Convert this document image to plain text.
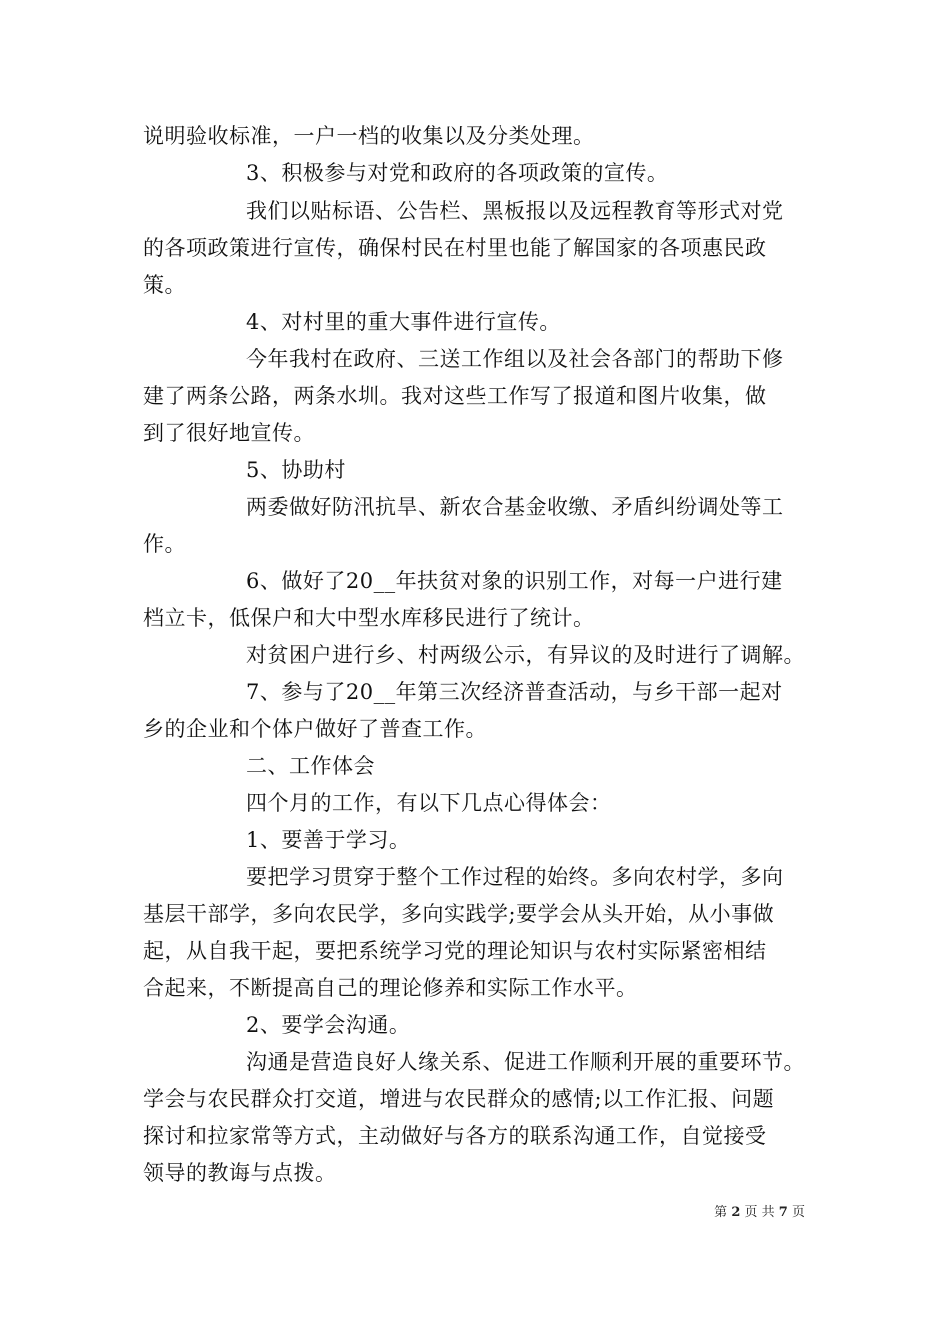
说明验收标准，一户一档的收集以及分类处理。
3、积极参与对党和政府的各项政策的宣传。
我们以贴标语、公告栏、黑板报以及远程教育等形式对党
的各项政策进行宣传，确保村民在村里也能了解国家的各项惠民政
策。
4、对村里的重大事件进行宣传。
今年我村在政府、三送工作组以及社会各部门的帮助下修
建了两条公路，两条水圳。我对这些工作写了报道和图片收集，做
到了很好地宣传。
5、协助村
两委做好防汛抗旱、新农合基金收缴、矛盾纠纷调处等工
作。
6、做好了20__年扶贫对象的识别工作，对每一户进行建
档立卡，低保户和大中型水库移民进行了统计。
对贫困户进行乡、村两级公示，有异议的及时进行了调解。
7、参与了20__年第三次经济普查活动，与乡干部一起对
乡的企业和个体户做好了普查工作。
二、工作体会
四个月的工作，有以下几点心得体会：
1、要善于学习。
要把学习贯穿于整个工作过程的始终。多向农村学，多向
基层干部学，多向农民学，多向实践学;要学会从头开始，从小事做
起，从自我干起，要把系统学习党的理论知识与农村实际紧密相结
合起来，不断提高自己的理论修养和实际工作水平。
2、要学会沟通。
沟通是营造良好人缘关系、促进工作顺利开展的重要环节。
学会与农民群众打交道，增进与农民群众的感情;以工作汇报、问题
探讨和拉家常等方式，主动做好与各方的联系沟通工作，自觉接受
领导的教诲与点拨。
第 2 页 共 7 页
